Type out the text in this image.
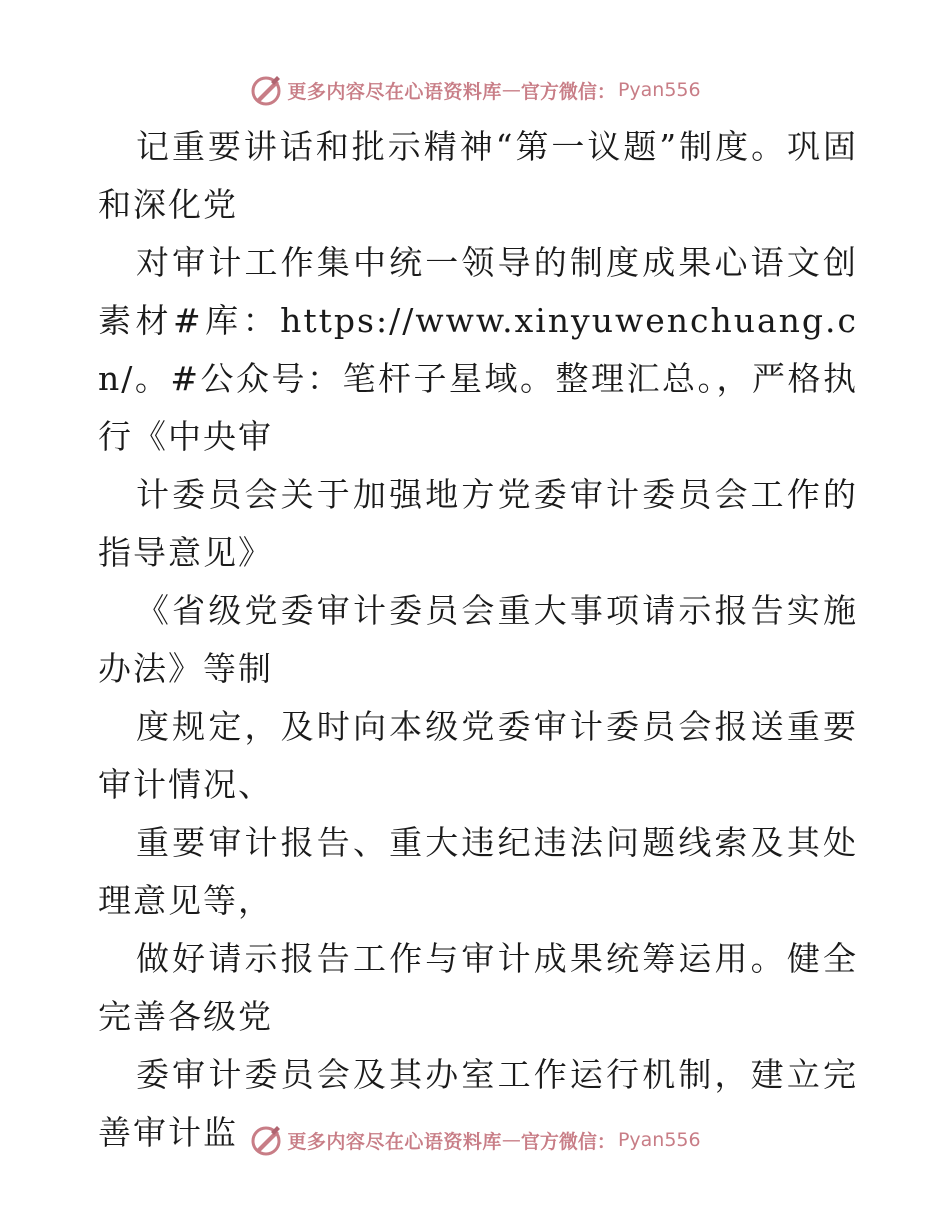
更多内容尽在心语资料库 — 官方微信： Pyan556

记重要讲话和批示精神“第一议题”制度。巩固和深化党

对审计工作集中统一领导的制度成果心语文创素材#库：https://www.xinyuwenchuang.cn/。#公众号：笔杆子星域。整理汇总。，严格执行《中央审

计委员会关于加强地方党委审计委员会工作的指导意见》

《省级党委审计委员会重大事项请示报告实施办法》等制

度规定，及时向本级党委审计委员会报送重要审计情况、

重要审计报告、重大违纪违法问题线索及其处理意见等，

做好请示报告工作与审计成果统筹运用。健全完善各级党

委审计委员会及其办室工作运行机制，建立完善审计监	更多内容尽在心语资料库 — 官方微信： Pyan556
